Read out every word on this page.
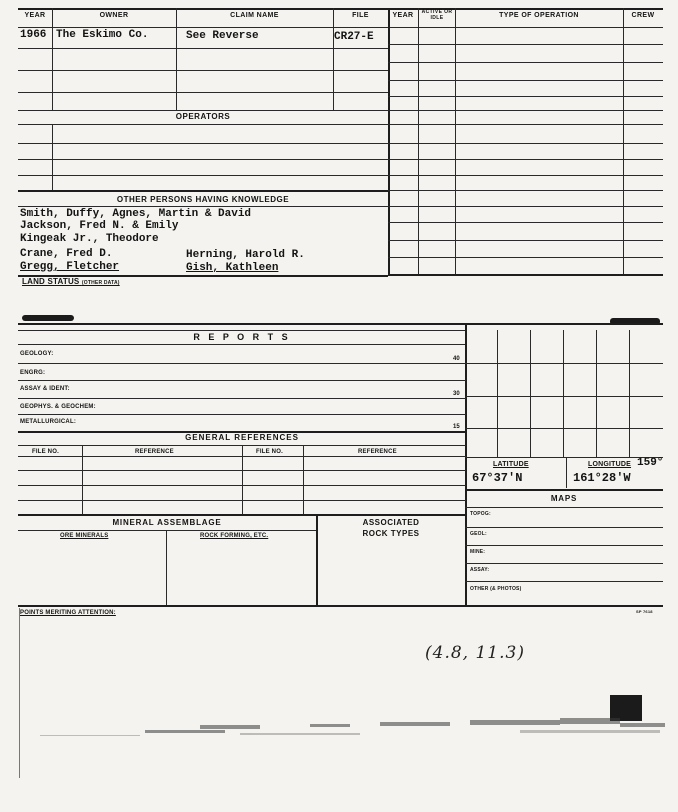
YEAR	OWNER	CLAIM NAME	FILE	YEAR	ACTIVE OR IDLE	TYPE OF OPERATION	CREW
1966 The Eskimo Co.	See Reverse	CR27-E
OPERATORS
OTHER PERSONS HAVING KNOWLEDGE
Smith, Duffy, Agnes, Martin & David
Jackson, Fred N. & Emily
Kingeak Jr., Theodore
Crane, Fred D.
Gregg, Fletcher
Herning, Harold R.
Gish, Kathleen
LAND STATUS (OTHER DATA)
R E P O R T S
GEOLOGY:
40
ENGRG:
ASSAY & IDENT:
30
GEOPHYS. & GEOCHEM:
METALLURGICAL:
15
GENERAL REFERENCES
FILE NO.	REFERENCE	FILE NO.	REFERENCE
MINERAL ASSEMBLAGE
ORE MINERALS	ROCK FORMING, ETC.
ASSOCIATED
ROCK TYPES
LATITUDE	LONGITUDE 159°
67°37'N	161°28'W
MAPS
TOPOG:
GEOL:
MINE:
ASSAY:
OTHER (& PHOTOS)
POINTS MERITING ATTENTION:	SP 7618
(4.8, 11.3)
